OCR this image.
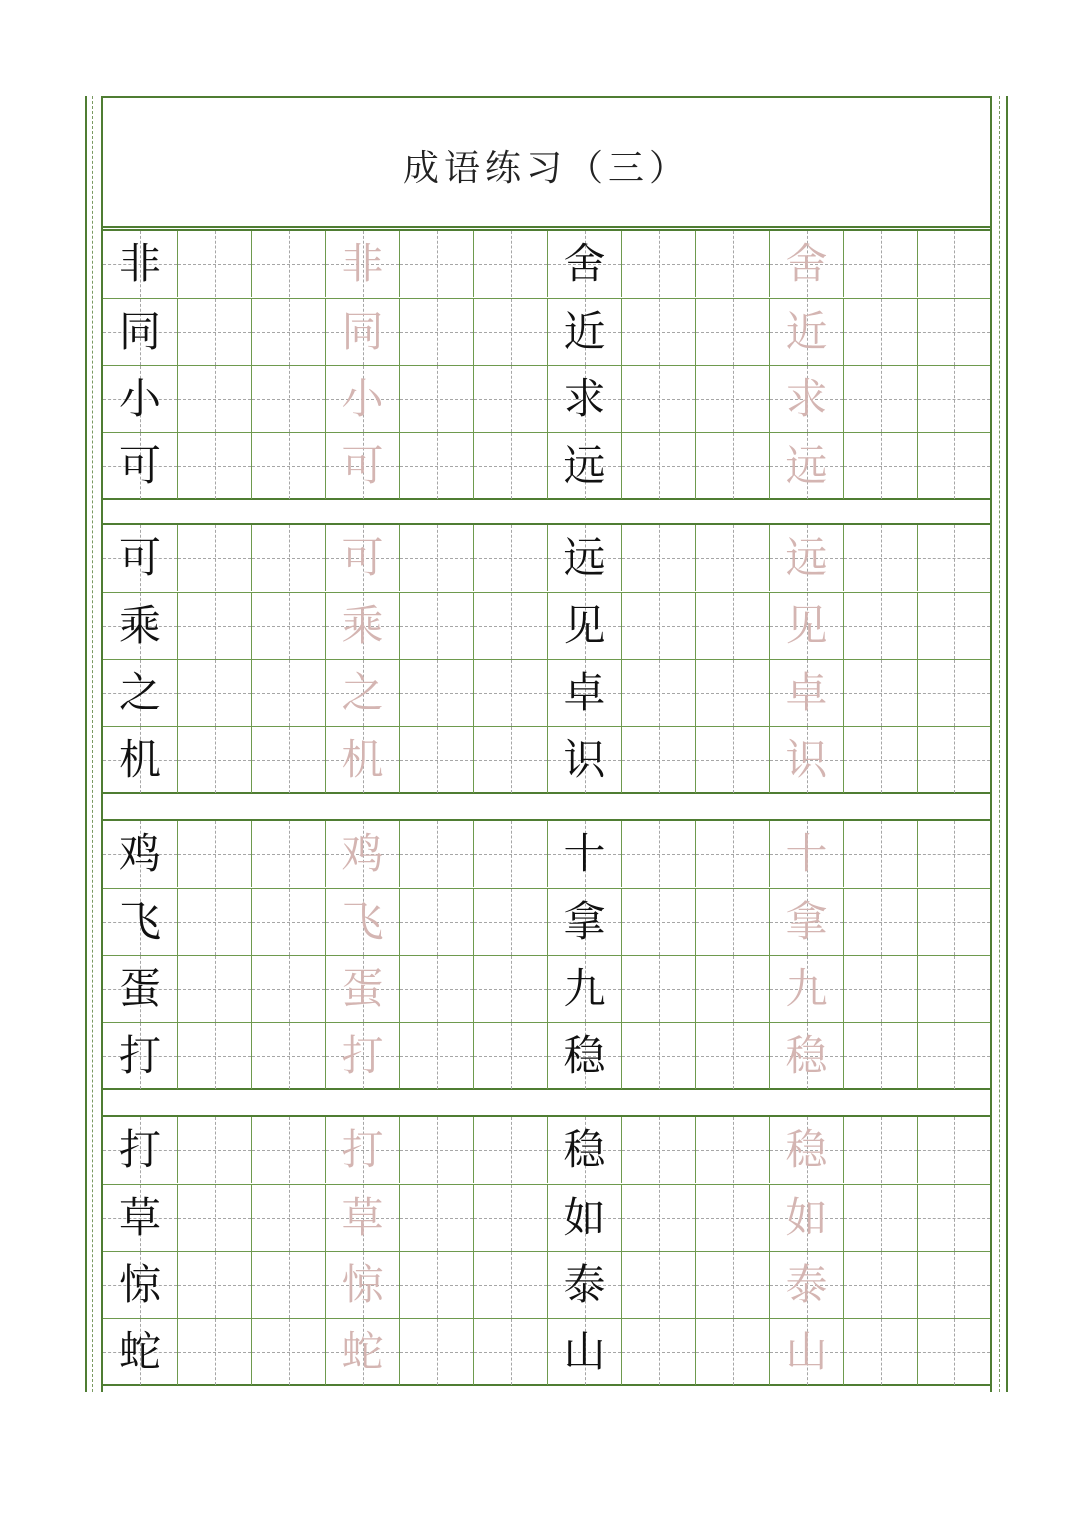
成语练习（三）
非	非	舍	舍
同	同	近	近
小	小	求	求
可	可	远	远
可	可	远	远
乘	乘	见	见
之	之	卓	卓
机	机	识	识
鸡	鸡	十	十
飞	飞	拿	拿
蛋	蛋	九	九
打	打	稳	稳
打	打	稳	稳
草	草	如	如
惊	惊	泰	泰
蛇	蛇	山	山
